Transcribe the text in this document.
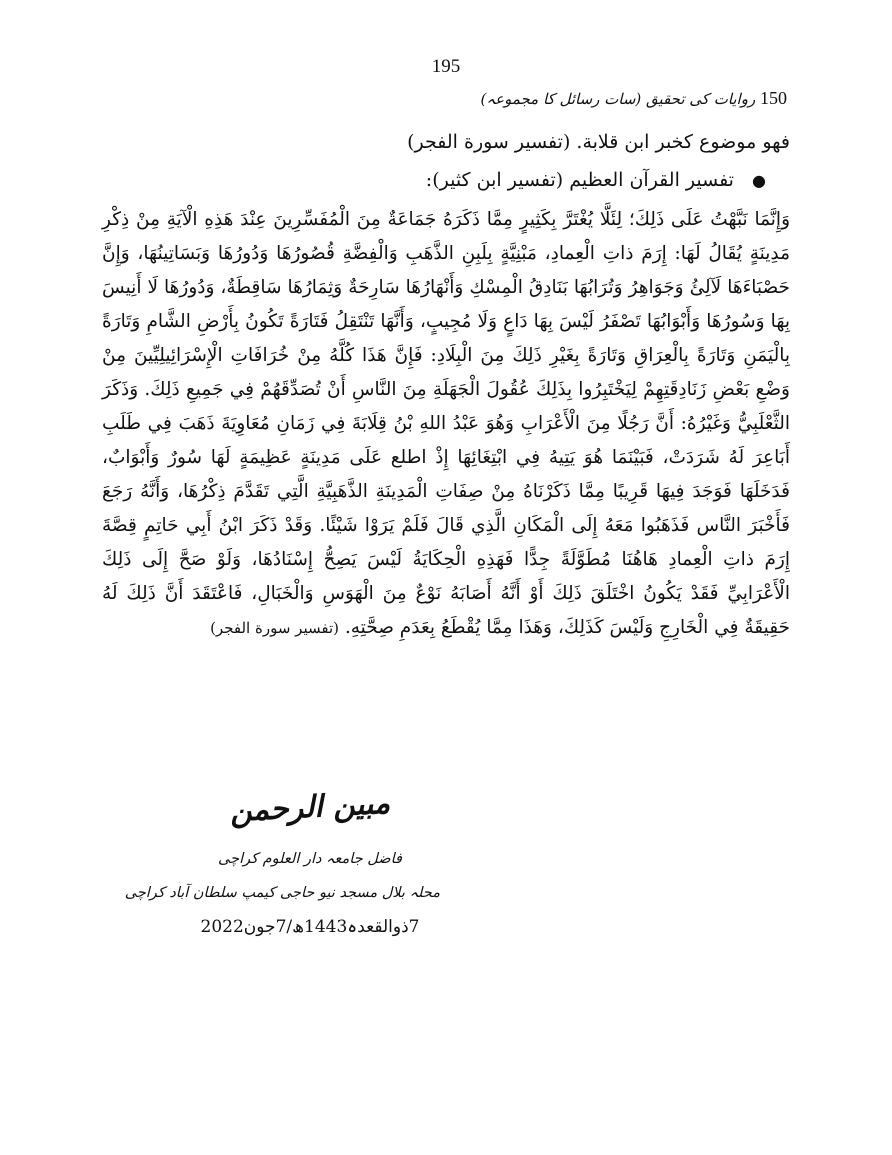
195
150 روایات کی تحقیق (سات رسائل کا مجموعہ)

فهو موضوع كخبر ابن قلابة. (تفسير سورة الفجر)

● تفسير القرآن العظيم (تفسير ابن كثير):

وَإِنَّمَا نَبَّهْتُ عَلَى ذَلِكَ؛ لِئَلَّا يُغْتَرَّ بِكَثِيرٍ مِمَّا ذَكَرَهُ جَمَاعَةٌ مِنَ الْمُفَسِّرِينَ عِنْدَ هَذِهِ الْآيَةِ مِنْ ذِكْرِ مَدِينَةٍ يُقَالُ لَهَا: إِرَمَ ذاتِ الْعِمادِ، مَبْنِيَّةٍ بِلَبِنِ الذَّهَبِ وَالْفِضَّةِ قُصُورُهَا وَدُورُهَا وَبَسَاتِينُهَا، وَإِنَّ حَصْبَاءَهَا لَآلِئُ وَجَوَاهِرُ وَتُرَابُهَا بَنَادِقُ الْمِسْكِ وَأَنْهَارُهَا سَارِحَةٌ وَثِمَارُهَا سَاقِطَةٌ، وَدُورُهَا لَا أَنِيسَ بِهَا وَسُورُهَا وَأَبْوَابُهَا تَصْفَرُ لَيْسَ بِهَا دَاعٍ وَلَا مُجِيبٍ، وَأَنَّهَا تَنْتَقِلُ فَتَارَةً تَكُونُ بِأَرْضِ الشَّامِ وَتَارَةً بِالْيَمَنِ وَتَارَةً بِالْعِرَاقِ وَتَارَةً بِغَيْرِ ذَلِكَ مِنَ الْبِلَادِ: فَإِنَّ هَذَا كُلَّهُ مِنْ خُرَافَاتِ الْإِسْرَائِيلِيِّينَ مِنْ وَضْعِ بَعْضِ زَنَادِقَتِهِمْ لِيَخْتَبِرُوا بِذَلِكَ عُقُولَ الْجَهَلَةِ مِنَ النَّاسِ أَنْ تُصَدِّقَهُمْ فِي جَمِيعِ ذَلِكَ. وَذَكَرَ الثَّعْلَبِيُّ وَغَيْرُهُ: أَنَّ رَجُلًا مِنَ الْأَعْرَابِ وَهُوَ عَبْدُ اللهِ بْنُ قِلَابَةَ فِي زَمَانِ مُعَاوِيَةَ ذَهَبَ فِي طَلَبِ أَبَاعِرَ لَهُ شَرَدَتْ، فَبَيْنَمَا هُوَ يَتِيهُ فِي ابْتِغَائِهَا إِذْ اطلع عَلَى مَدِينَةٍ عَظِيمَةٍ لَهَا سُورٌ وَأَبْوَابٌ، فَدَخَلَهَا فَوَجَدَ فِيهَا قَرِيبًا مِمَّا ذَكَرْنَاهُ مِنْ صِفَاتِ الْمَدِينَةِ الذَّهَبِيَّةِ الَّتِي تَقَدَّمَ ذِكْرُهَا، وَأَنَّهُ رَجَعَ فَأَخْبَرَ النَّاس فَذَهَبُوا مَعَهُ إِلَى الْمَكَانِ الَّذِي قَالَ فَلَمْ يَرَوْا شَيْئًا. وَقَدْ ذَكَرَ ابْنُ أَبِي حَاتِمٍ قِصَّةَ إِرَمَ ذاتِ الْعِمادِ هَاهُنَا مُطَوَّلَةً جِدًّا فَهَذِهِ الْحِكَايَةُ لَيْسَ يَصِحُّ إِسْنَادُهَا، وَلَوْ صَحَّ إِلَى ذَلِكَ الْأَعْرَابِيِّ فَقَدْ يَكُونُ اخْتَلَقَ ذَلِكَ أَوْ أَنَّهُ أَصَابَهُ نَوْعٌ مِنَ الْهَوَسِ وَالْخَبَالِ، فَاعْتَقَدَ أَنَّ ذَلِكَ لَهُ حَقِيقَةٌ فِي الْخَارِجِ وَلَيْسَ كَذَلِكَ، وَهَذَا مِمَّا يُقْطَعُ بِعَدَمِ صِحَّتِهِ. (تفسير سورة الفجر)

مبین الرحمن

فاضل جامعہ دار العلوم کراچی

محلہ بلال مسجد نیو حاجی کیمپ سلطان آباد کراچی

7ذوالقعدہ1443ھ/7جون2022
